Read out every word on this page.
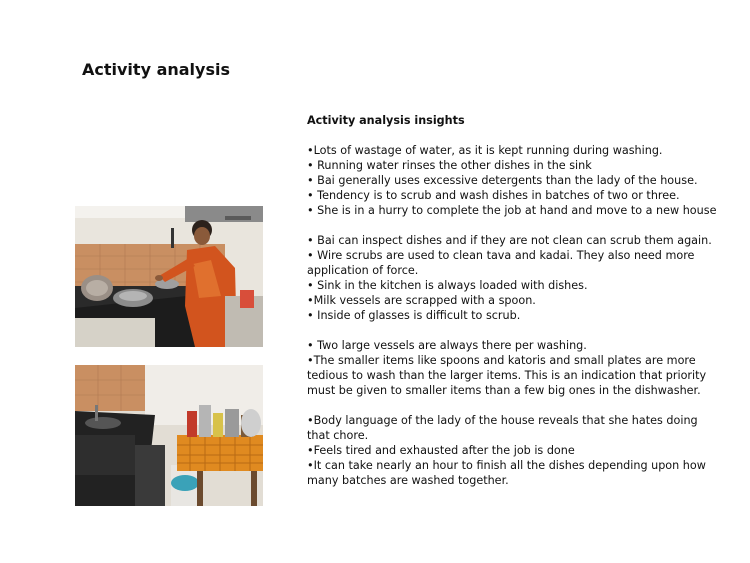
Activity analysis

Activity analysis insights

•Lots of wastage of water, as it is kept running during washing.

• Running water rinses the other dishes in the sink

• Bai generally uses excessive detergents than the lady of the house.

• Tendency is to scrub and wash dishes in batches of two or three.

• She is in a hurry to complete the job at hand and move to a new house

• Bai can inspect dishes and if they are not clean can scrub them again.

• Wire scrubs are used to clean tava and kadai. They also need more application of force.

• Sink in the kitchen is always loaded with dishes.

•Milk vessels are scrapped with a spoon.

• Inside of glasses is difficult to scrub.

• Two large vessels are always there per washing.

•The smaller items like spoons and katoris and small plates are more tedious to wash than the larger items. This is an indication that priority must be given to smaller items than a few big ones in the dishwasher.

•Body language of the lady of the house reveals that she hates doing that chore.

•Feels tired and exhausted after the job is done

•It can take nearly an hour to finish all the dishes depending upon how many batches are washed together.
